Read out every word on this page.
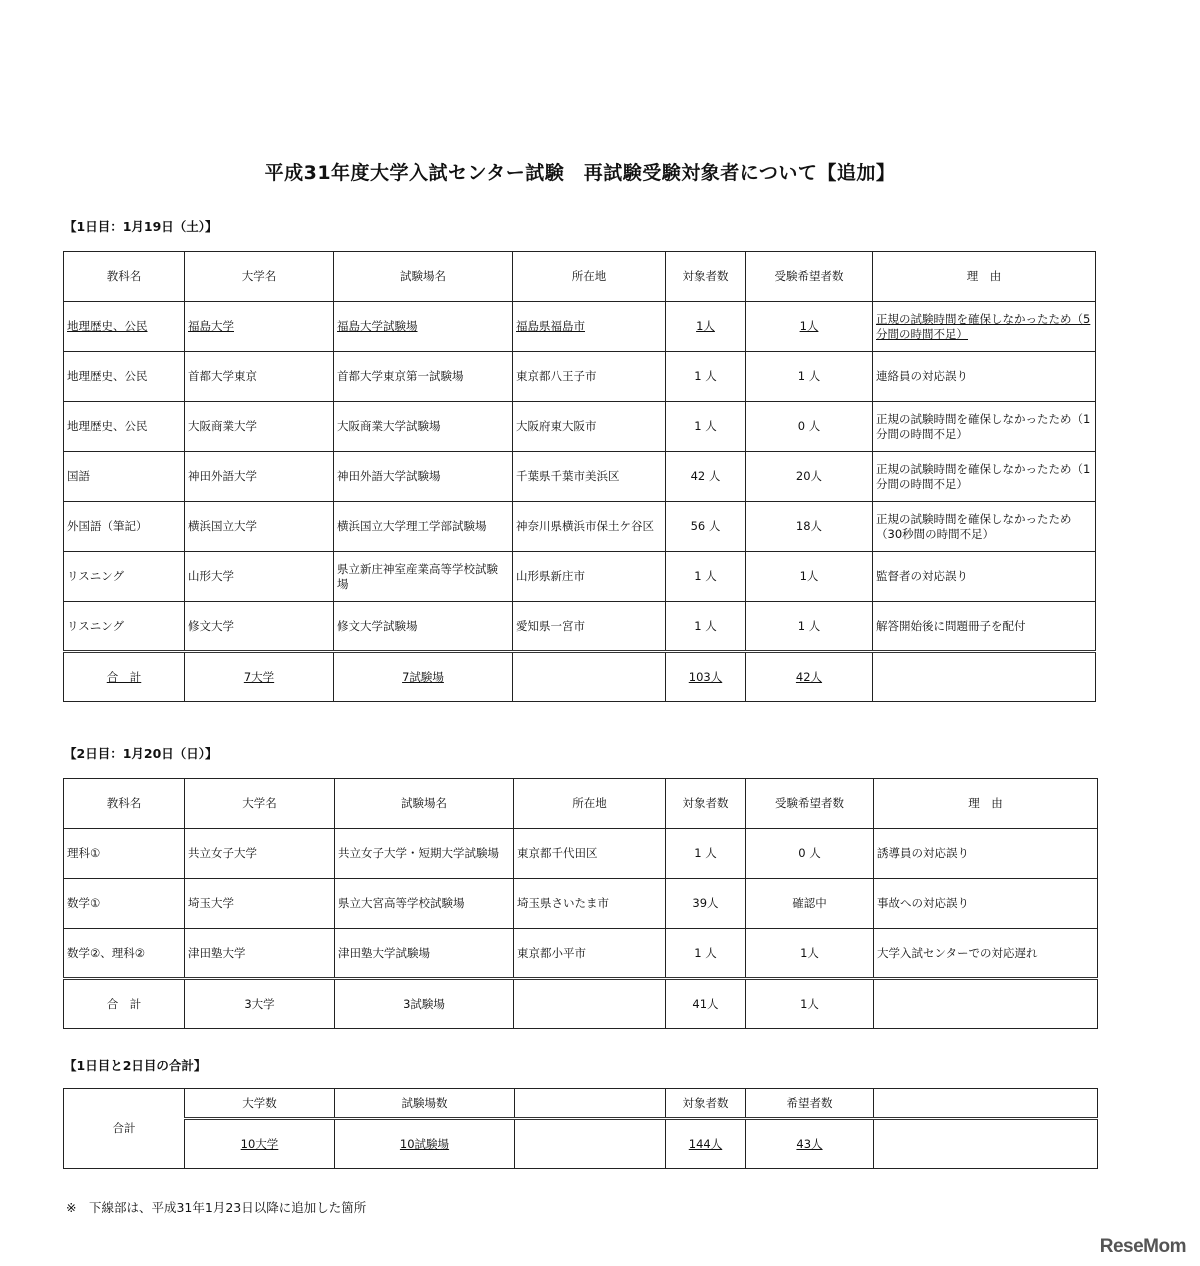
平成31年度大学入試センター試験　再試験受験対象者について【追加】
【1日目：1月19日（土）】
教科名	大学名	試験場名	所在地	対象者数	受験希望者数	理　由
地理歴史、公民	福島大学	福島大学試験場	福島県福島市	1人	1人	正規の試験時間を確保しなかったため（5分間の時間不足）
地理歴史、公民	首都大学東京	首都大学東京第一試験場	東京都八王子市	1 人	1 人	連絡員の対応誤り
地理歴史、公民	大阪商業大学	大阪商業大学試験場	大阪府東大阪市	1 人	0 人	正規の試験時間を確保しなかったため（1分間の時間不足）
国語	神田外語大学	神田外語大学試験場	千葉県千葉市美浜区	42 人	20人	正規の試験時間を確保しなかったため（1分間の時間不足）
外国語（筆記）	横浜国立大学	横浜国立大学理工学部試験場	神奈川県横浜市保土ケ谷区	56 人	18人	正規の試験時間を確保しなかったため（30秒間の時間不足）
リスニング	山形大学	県立新庄神室産業高等学校試験場	山形県新庄市	1 人	1人	監督者の対応誤り
リスニング	修文大学	修文大学試験場	愛知県一宮市	1 人	1 人	解答開始後に問題冊子を配付
合　計	7大学	7試験場		103人	42人	
【2日目：1月20日（日）】
教科名	大学名	試験場名	所在地	対象者数	受験希望者数	理　由
理科①	共立女子大学	共立女子大学・短期大学試験場	東京都千代田区	1 人	0 人	誘導員の対応誤り
数学①	埼玉大学	県立大宮高等学校試験場	埼玉県さいたま市	39人	確認中	事故への対応誤り
数学②、理科②	津田塾大学	津田塾大学試験場	東京都小平市	1 人	1人	大学入試センターでの対応遅れ
合　計	3大学	3試験場		41人	1人	
【1日目と2日目の合計】
合計	大学数	試験場数		対象者数	希望者数	
	10大学	10試験場		144人	43人	
※　下線部は、平成31年1月23日以降に追加した箇所
ReseMom
